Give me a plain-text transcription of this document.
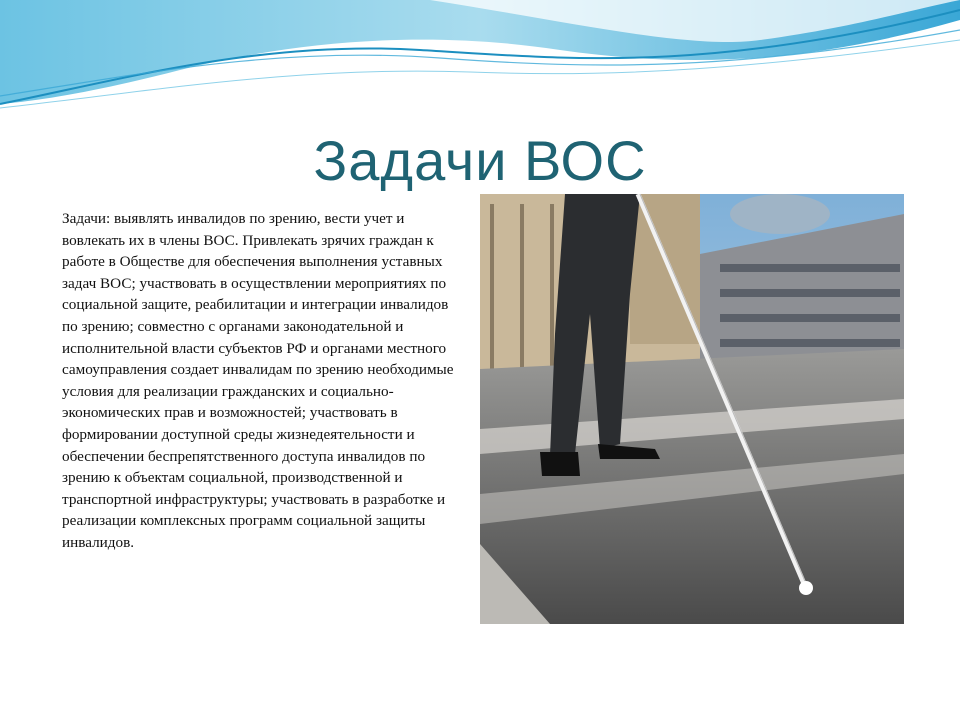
Задачи ВОС

Задачи: выявлять инвалидов по зрению, вести учет и вовлекать их в члены ВОС. Привлекать зрячих граждан к работе в Обществе для обеспечения выполнения уставных задач ВОС; участвовать в осуществлении мероприятиях по социальной защите, реабилитации и интеграции инвалидов по зрению; совместно с органами законодательной и исполнительной власти субъектов РФ и органами местного самоуправления создает инвалидам по зрению необходимые условия для реализации гражданских и социально-экономических прав и возможностей; участвовать в формировании доступной среды жизнедеятельности и обеспечении беспрепятственного доступа инвалидов по зрению к объектам социальной, производственной и транспортной инфраструктуры; участвовать в разработке и реализации комплексных программ социальной защиты инвалидов.
